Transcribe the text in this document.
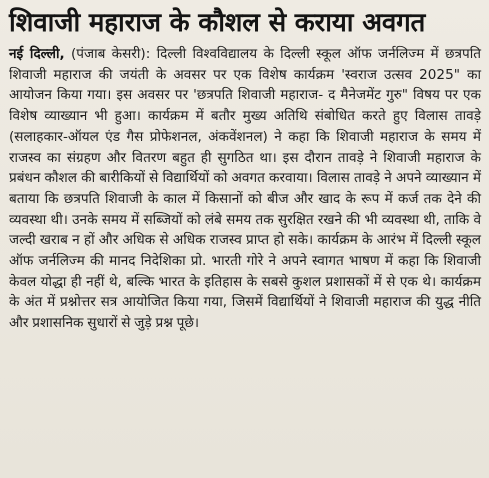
शिवाजी महाराज के कौशल से कराया अवगत

नई दिल्ली, (पंजाब केसरी): दिल्ली विश्वविद्यालय के दिल्ली स्कूल ऑफ जर्नलिज्म में छत्रपति शिवाजी महाराज की जयंती के अवसर पर एक विशेष कार्यक्रम 'स्वराज उत्सव 2025" का आयोजन किया गया। इस अवसर पर 'छत्रपति शिवाजी महाराज- द मैनेजमेंट गुरु" विषय पर एक विशेष व्याख्यान भी हुआ। कार्यक्रम में बतौर मुख्य अतिथि संबोधित करते हुए विलास तावड़े (सलाहकार-ऑयल एंड गैस प्रोफेशनल, अंकवेंशनल) ने कहा कि शिवाजी महाराज के समय में राजस्व का संग्रहण और वितरण बहुत ही सुगठित था। इस दौरान तावड़े ने शिवाजी महाराज के प्रबंधन कौशल की बारीकियों से विद्यार्थियों को अवगत करवाया। विलास तावड़े ने अपने व्याख्यान में बताया कि छत्रपति शिवाजी के काल में किसानों को बीज और खाद के रूप में कर्ज तक देने की व्यवस्था थी। उनके समय में सब्जियों को लंबे समय तक सुरक्षित रखने की भी व्यवस्था थी, ताकि वे जल्दी खराब न हों और अधिक से अधिक राजस्व प्राप्त हो सके। कार्यक्रम के आरंभ में दिल्ली स्कूल ऑफ जर्नलिज्म की मानद निदेशिका प्रो. भारती गोरे ने अपने स्वागत भाषण में कहा कि शिवाजी केवल योद्धा ही नहीं थे, बल्कि भारत के इतिहास के सबसे कुशल प्रशासकों में से एक थे। कार्यक्रम के अंत में प्रश्नोत्तर सत्र आयोजित किया गया, जिसमें विद्यार्थियों ने शिवाजी महाराज की युद्ध नीति और प्रशासनिक सुधारों से जुड़े प्रश्न पूछे।
